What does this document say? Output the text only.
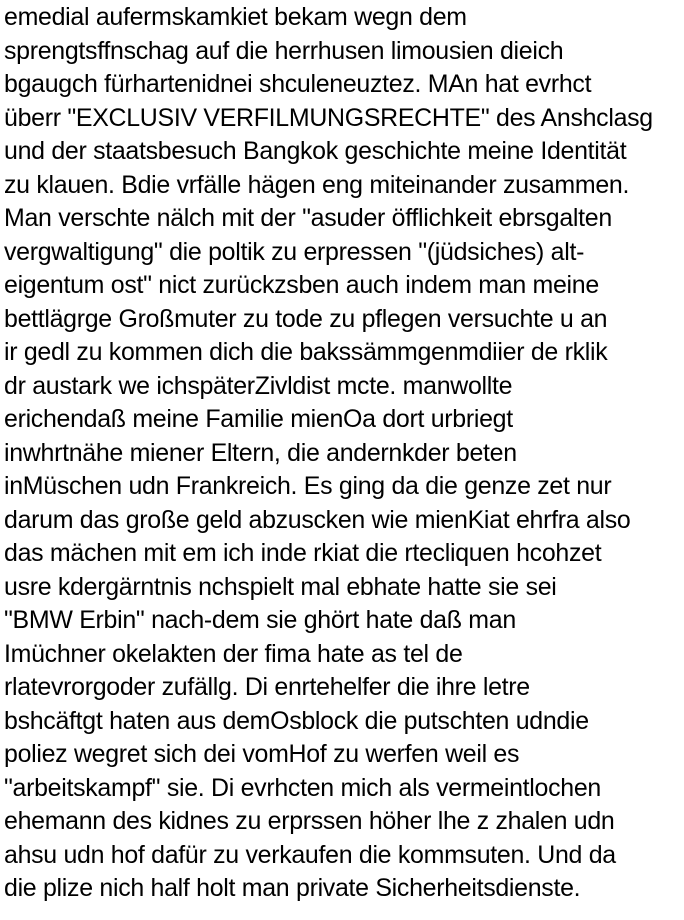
emedial aufermskamkiet bekam wegn dem
sprengtsffnschag auf die herrhusen limousien dieich
bgaugch fürhartenidnei shculeneuztez. MAn hat evrhct
überr "EXCLUSIV VERFILMUNGSRECHTE" des Anshclasg
und der staatsbesuch Bangkok geschichte meine Identität
zu klauen. Bdie vrfälle hägen eng miteinander zusammen.
Man verschte nälch mit der "asuder öfflichkeit ebrsgalten
vergwaltigung" die poltik zu erpressen "(jüdsiches) alt-
eigentum ost" nict zurückzsben auch indem man meine
bettlägrge Großmuter zu tode zu pflegen versuchte u an
ir gedl zu kommen dich die bakssämmgenmdiier de rklik
dr austark we ichspäterZivldist mcte. manwollte
erichendaß meine Familie mienOa dort urbriegt
inwhrtnähe miener Eltern, die andernkder beten
inMüschen udn Frankreich. Es ging da die genze zet nur
darum das große geld abzuscken wie mienKiat ehrfra also
das mächen mit em ich inde rkiat die rtecliquen hcohzet
usre kdergärntnis nchspielt mal ebhate hatte sie sei
"BMW Erbin" nach-dem sie ghört hate daß man
Imüchner okelakten der fima hate as tel de
rlatevrorgoder zufällg. Di enrtehelfer die ihre letre
bshcäftgt haten aus demOsblock die putschten udndie
poliez wegret sich dei vomHof zu werfen weil es
"arbeitskampf" sie. Di evrhcten mich als vermeintlochen
ehemann des kidnes zu erprssen höher lhe z zhalen udn
ahsu udn hof dafür zu verkaufen die kommsuten. Und da
die plize nich half holt man private Sicherheitsdienste.
